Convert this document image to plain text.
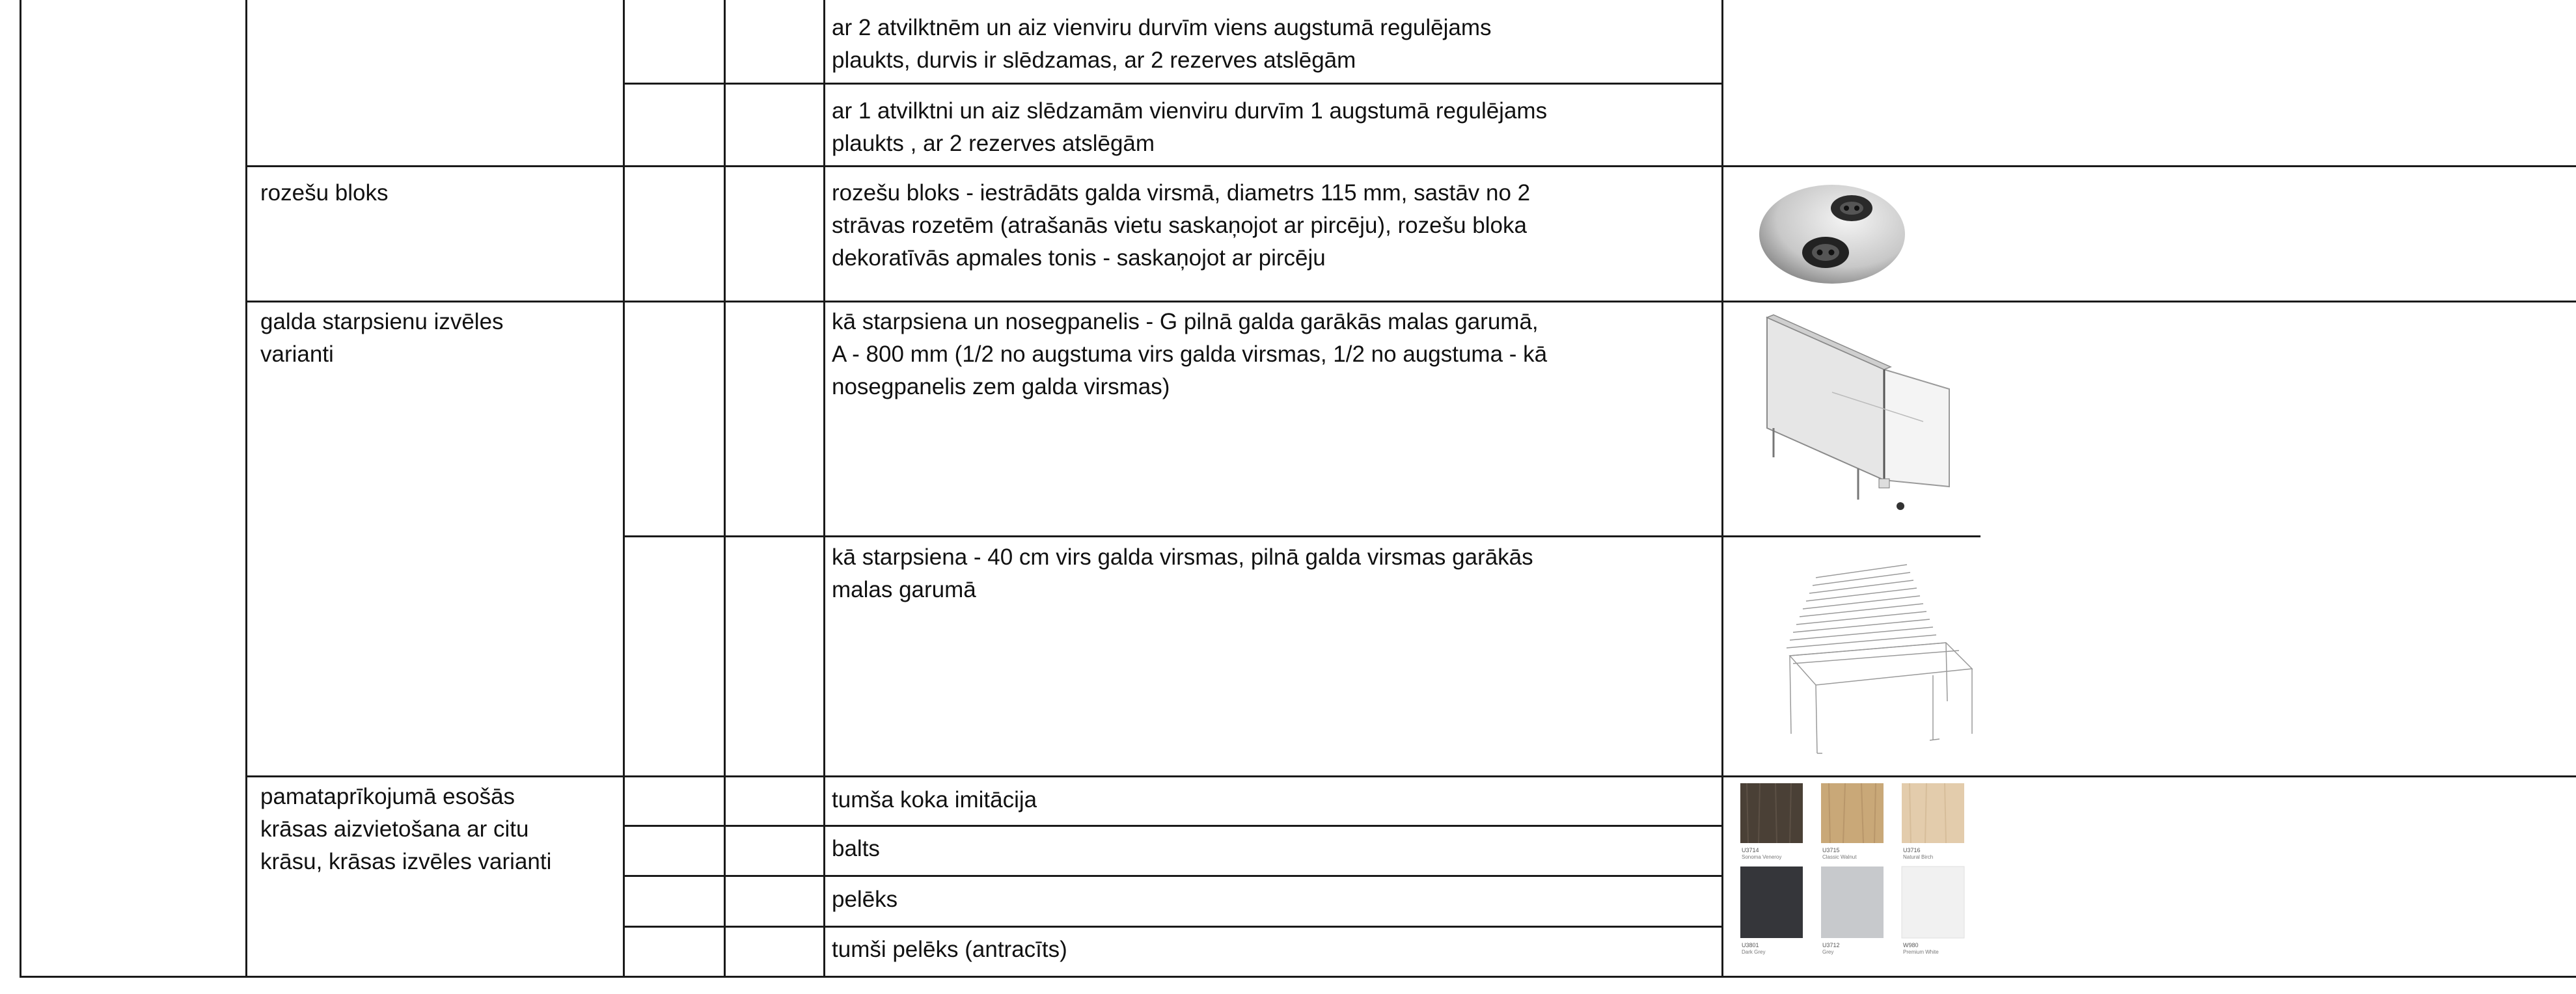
ar 2 atvilktnēm un aiz vienviru durvīm viens augstumā regulējams
plaukts, durvis ir slēdzamas, ar 2 rezerves atslēgām
ar 1 atvilktni un aiz slēdzamām vienviru durvīm 1 augstumā regulējams
plaukts , ar 2 rezerves atslēgām
rozešu bloks	rozešu bloks - iestrādāts galda virsmā, diametrs 115 mm, sastāv no 2
strāvas rozetēm (atrašanās vietu saskaņojot ar pircēju), rozešu bloka
dekoratīvās apmales tonis - saskaņojot ar pircēju
galda starpsienu izvēles
varianti
kā starpsiena un nosegpanelis - G pilnā galda garākās malas garumā,
A - 800 mm (1/2 no augstuma virs galda virsmas, 1/2 no augstuma - kā
nosegpanelis zem galda virsmas)
kā starpsiena - 40 cm virs galda virsmas, pilnā galda virsmas garākās
malas garumā
pamataprīkojumā esošās
krāsas aizvietošana ar citu
krāsu, krāsas izvēles varianti
tumša koka imitācija
balts
pelēks
tumši pelēks (antracīts)
U3714
Sonoma Veneroy
U3715
Classic Walnut
U3716
Natural Birch
U3801
Dark Grey
U3712
Grey
W980
Premium White
